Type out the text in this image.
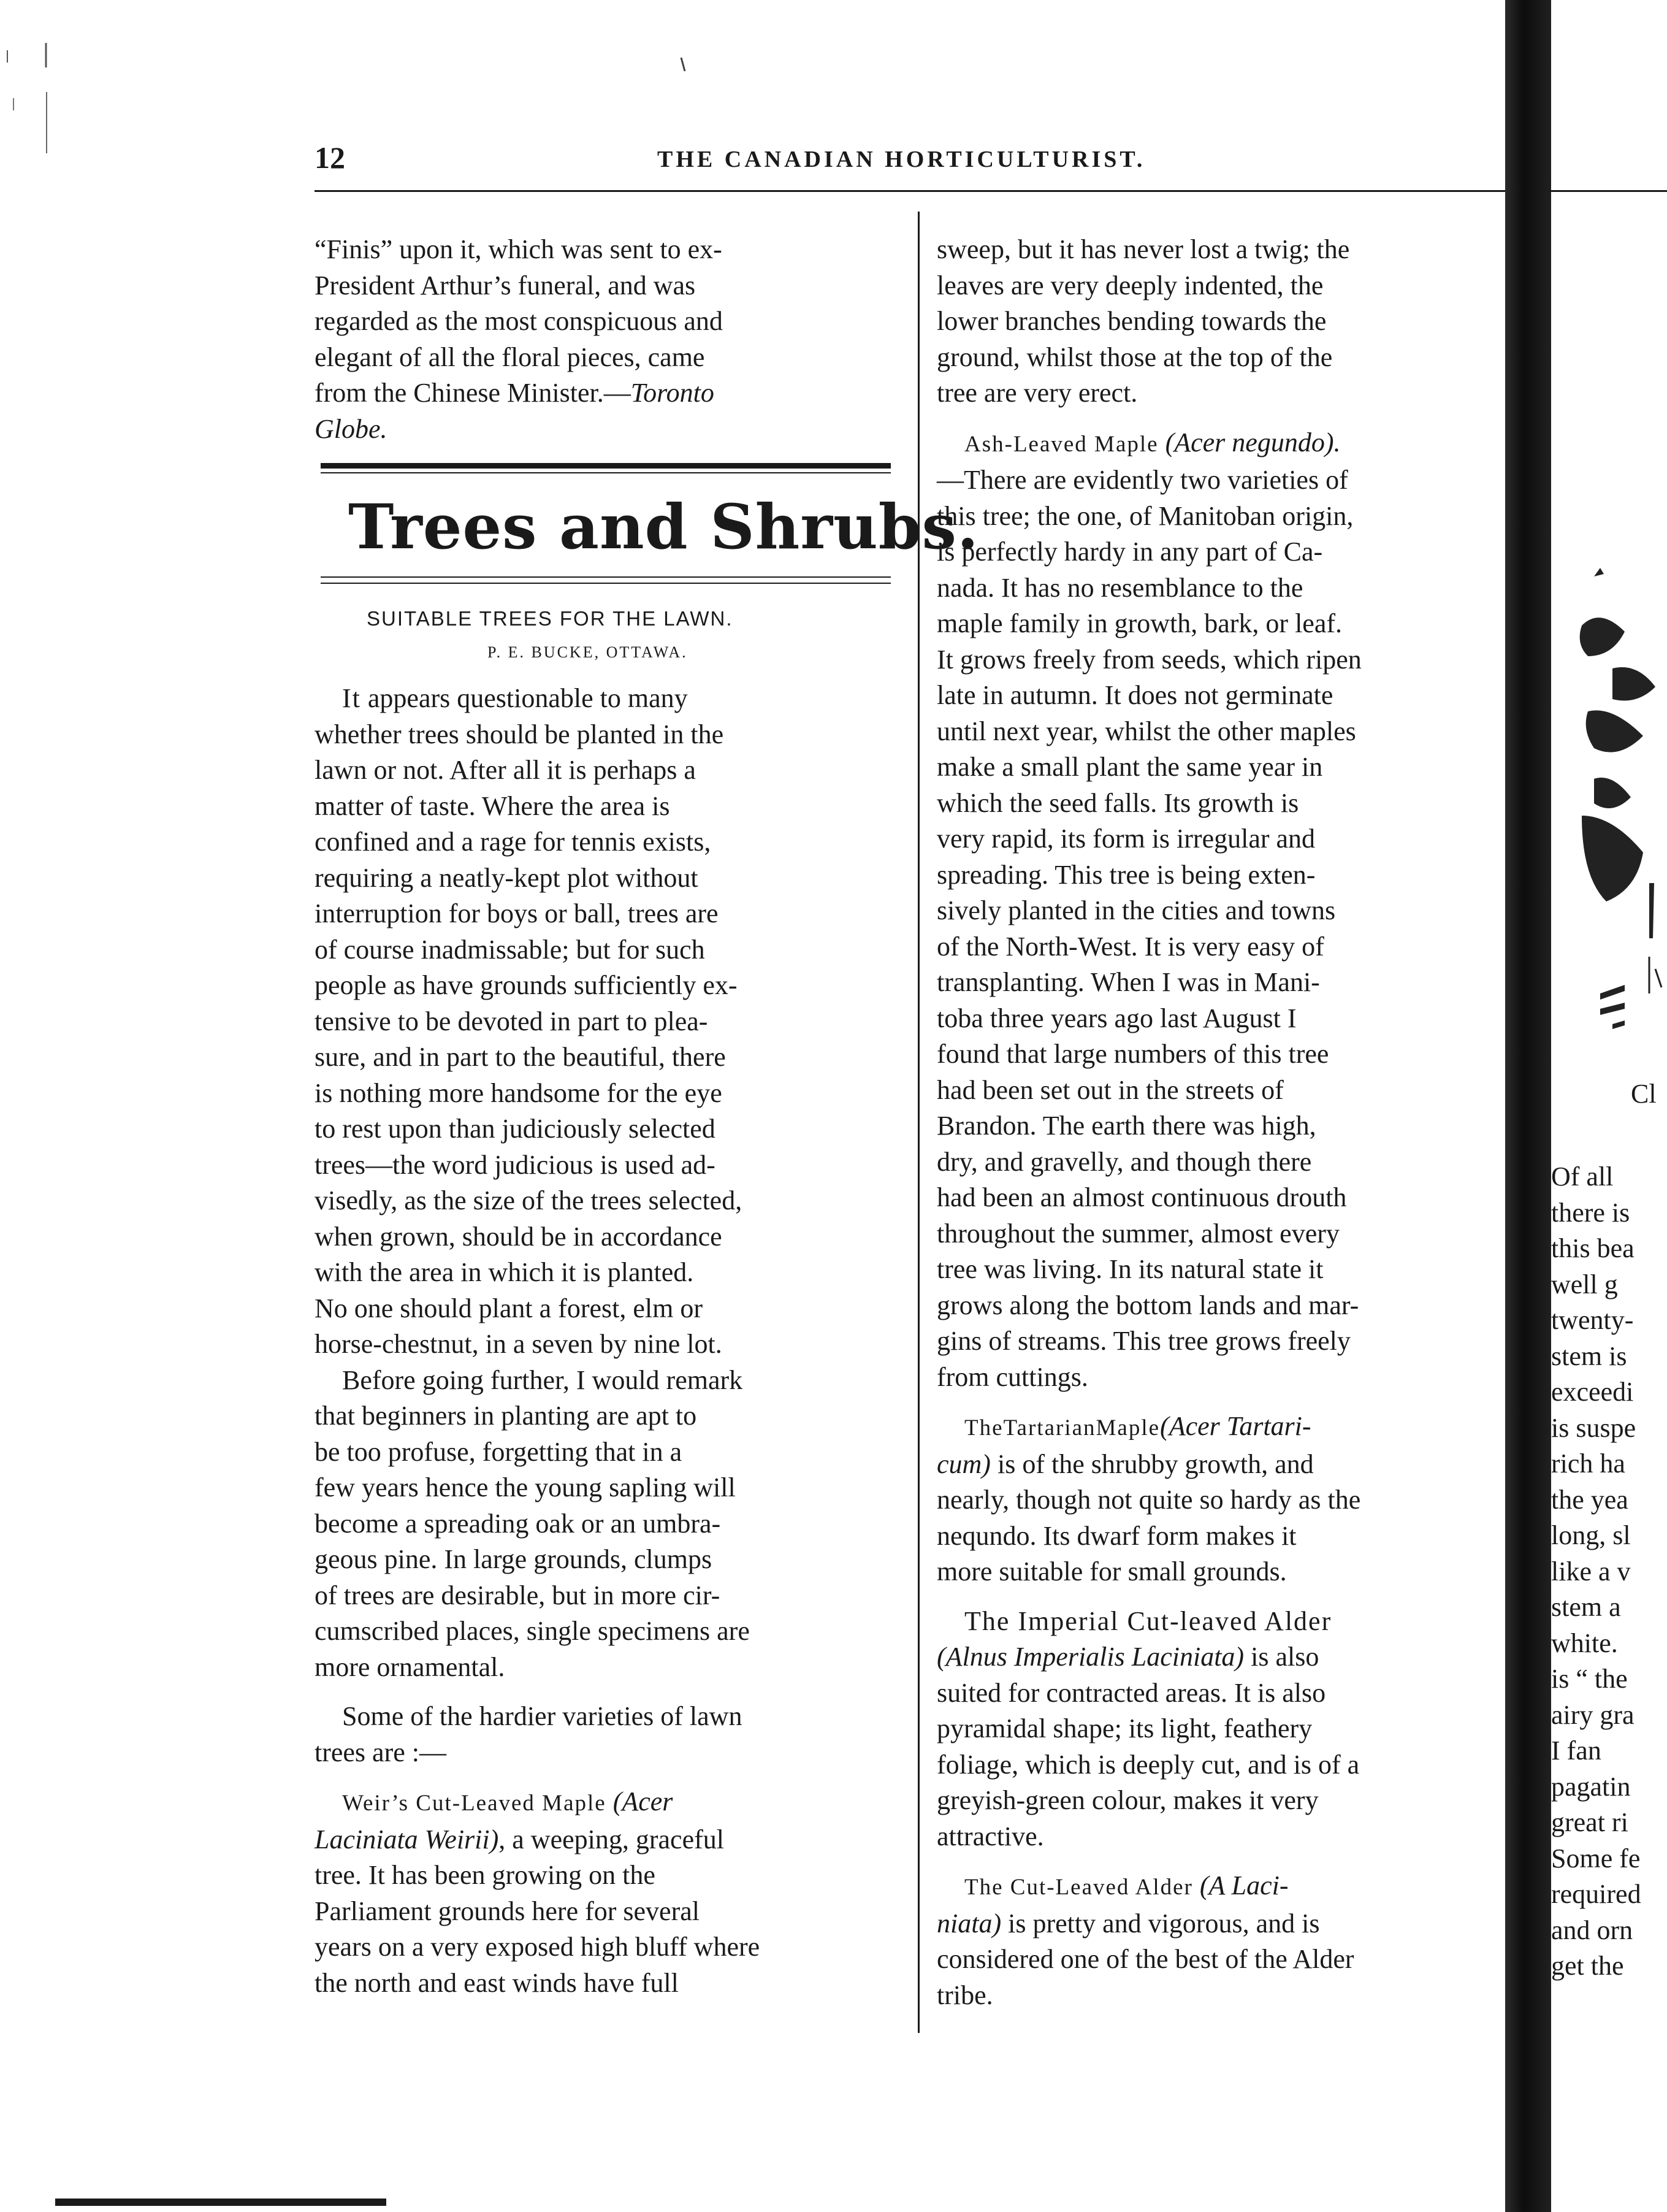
12	THE CANADIAN HORTICULTURIST.
“Finis” upon it, which was sent to ex-
President Arthur’s funeral, and was
regarded as the most conspicuous and
elegant of all the floral pieces, came
from the Chinese Minister.—Toronto
Globe.
Trees and Shrubs.
SUITABLE TREES FOR THE LAWN.
P. E. BUCKE, OTTAWA.
It appears questionable to many
whether trees should be planted in the
lawn or not. After all it is perhaps a
matter of taste. Where the area is
confined and a rage for tennis exists,
requiring a neatly-kept plot without
interruption for boys or ball, trees are
of course inadmissable; but for such
people as have grounds sufficiently ex-
tensive to be devoted in part to plea-
sure, and in part to the beautiful, there
is nothing more handsome for the eye
to rest upon than judiciously selected
trees—the word judicious is used ad-
visedly, as the size of the trees selected,
when grown, should be in accordance
with the area in which it is planted.
No one should plant a forest, elm or
horse-chestnut, in a seven by nine lot.
Before going further, I would remark
that beginners in planting are apt to
be too profuse, forgetting that in a
few years hence the young sapling will
become a spreading oak or an umbra-
geous pine. In large grounds, clumps
of trees are desirable, but in more cir-
cumscribed places, single specimens are
more ornamental.
Some of the hardier varieties of lawn
trees are :—
Weir’s Cut-Leaved Maple (Acer
Laciniata Weirii), a weeping, graceful
tree. It has been growing on the
Parliament grounds here for several
years on a very exposed high bluff where
the north and east winds have full
sweep, but it has never lost a twig; the
leaves are very deeply indented, the
lower branches bending towards the
ground, whilst those at the top of the
tree are very erect.
Ash-Leaved Maple (Acer negundo).
—There are evidently two varieties of
this tree; the one, of Manitoban origin,
is perfectly hardy in any part of Ca-
nada. It has no resemblance to the
maple family in growth, bark, or leaf.
It grows freely from seeds, which ripen
late in autumn. It does not germinate
until next year, whilst the other maples
make a small plant the same year in
which the seed falls. Its growth is
very rapid, its form is irregular and
spreading. This tree is being exten-
sively planted in the cities and towns
of the North-West. It is very easy of
transplanting. When I was in Mani-
toba three years ago last August I
found that large numbers of this tree
had been set out in the streets of
Brandon. The earth there was high,
dry, and gravelly, and though there
had been an almost continuous drouth
throughout the summer, almost every
tree was living. In its natural state it
grows along the bottom lands and mar-
gins of streams. This tree grows freely
from cuttings.
TheTartarianMaple(Acer Tartari-
cum) is of the shrubby growth, and
nearly, though not quite so hardy as the
nequndo. Its dwarf form makes it
more suitable for small grounds.
The Imperial Cut-leaved Alder
(Alnus Imperialis Laciniata) is also
suited for contracted areas. It is also
pyramidal shape; its light, feathery
foliage, which is deeply cut, and is of a
greyish-green colour, makes it very
attractive.
The Cut-Leaved Alder (A Laci-
niata) is pretty and vigorous, and is
considered one of the best of the Alder
tribe.
Cl
Of all
there is
this bea
well g
twenty-
stem is
exceedi
is suspe
rich ha
the yea
long, sl
like a v
stem a
white.
is “ the
airy gra
I fan
pagatin
great ri
Some fe
required
and orn
get the
